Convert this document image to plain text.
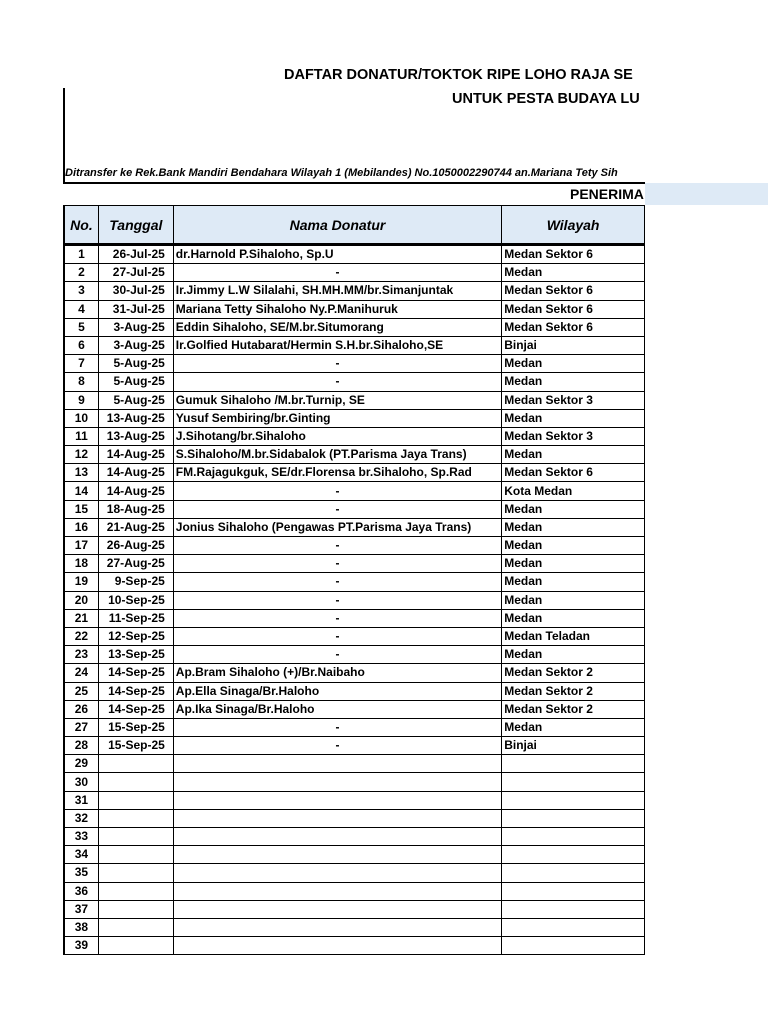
DAFTAR DONATUR/TOKTOK RIPE LOHO RAJA SE
UNTUK PESTA BUDAYA LU
Ditransfer ke Rek.Bank Mandiri Bendahara Wilayah 1 (Mebilandes) No.1050002290744 an.Mariana Tety Sih
PENERIMA
No.	Tanggal	Nama Donatur	Wilayah
1	26-Jul-25	dr.Harnold P.Sihaloho, Sp.U	Medan Sektor 6
2	27-Jul-25	-	Medan
3	30-Jul-25	Ir.Jimmy L.W Silalahi, SH.MH.MM/br.Simanjuntak	Medan Sektor 6
4	31-Jul-25	Mariana Tetty Sihaloho Ny.P.Manihuruk	Medan Sektor 6
5	3-Aug-25	Eddin Sihaloho, SE/M.br.Situmorang	Medan Sektor 6
6	3-Aug-25	Ir.Golfied Hutabarat/Hermin S.H.br.Sihaloho,SE	Binjai
7	5-Aug-25	-	Medan
8	5-Aug-25	-	Medan
9	5-Aug-25	Gumuk Sihaloho /M.br.Turnip, SE	Medan Sektor 3
10	13-Aug-25	Yusuf Sembiring/br.Ginting	Medan
11	13-Aug-25	J.Sihotang/br.Sihaloho	Medan Sektor 3
12	14-Aug-25	S.Sihaloho/M.br.Sidabalok (PT.Parisma Jaya Trans)	Medan
13	14-Aug-25	FM.Rajagukguk, SE/dr.Florensa br.Sihaloho, Sp.Rad	Medan Sektor 6
14	14-Aug-25	-	Kota Medan
15	18-Aug-25	-	Medan
16	21-Aug-25	Jonius Sihaloho (Pengawas PT.Parisma Jaya Trans)	Medan
17	26-Aug-25	-	Medan
18	27-Aug-25	-	Medan
19	9-Sep-25	-	Medan
20	10-Sep-25	-	Medan
21	11-Sep-25	-	Medan
22	12-Sep-25	-	Medan Teladan
23	13-Sep-25	-	Medan
24	14-Sep-25	Ap.Bram Sihaloho (+)/Br.Naibaho	Medan Sektor 2
25	14-Sep-25	Ap.Ella Sinaga/Br.Haloho	Medan Sektor 2
26	14-Sep-25	Ap.Ika Sinaga/Br.Haloho	Medan Sektor 2
27	15-Sep-25	-	Medan
28	15-Sep-25	-	Binjai
29			
30			
31			
32			
33			
34			
35			
36			
37			
38			
39			
